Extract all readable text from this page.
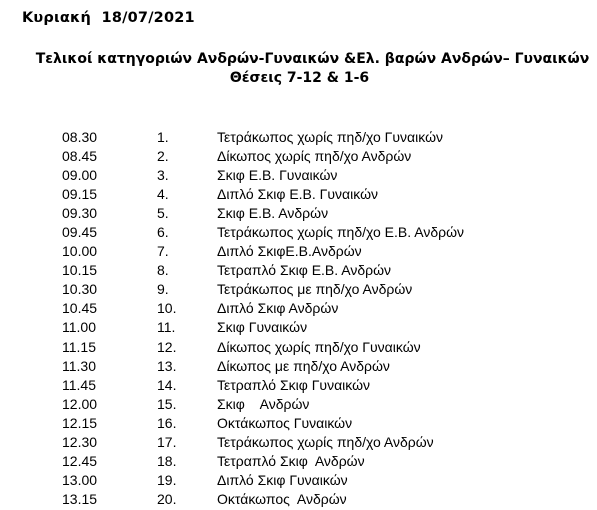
Κυριακή  18/07/2021
Τελικοί κατηγοριών Ανδρών-Γυναικών &Ελ. βαρών Ανδρών– Γυναικών
Θέσεις 7-12 & 1-6
08.30	1.	Τετράκωπος χωρίς πηδ/χο Γυναικών
08.45	2.	Δίκωπος χωρίς πηδ/χο Ανδρών
09.00	3.	Σκιφ Ε.Β. Γυναικών
09.15	4.	Διπλό Σκιφ Ε.Β. Γυναικών
09.30	5.	Σκιφ Ε.Β. Ανδρών
09.45	6.	Τετράκωπος χωρίς πηδ/χο Ε.Β. Ανδρών
10.00	7.	Διπλό ΣκιφΕ.Β.Ανδρών
10.15	8.	Τετραπλό Σκιφ Ε.Β. Ανδρών
10.30	9.	Τετράκωπος με πηδ/χο Ανδρών
10.45	10.	Διπλό Σκιφ Ανδρών
11.00	11.	Σκιφ Γυναικών
11.15	12.	Δίκωπος χωρίς πηδ/χο Γυναικών
11.30	13.	Δίκωπος με πηδ/χο Ανδρών
11.45	14.	Τετραπλό Σκιφ Γυναικών
12.00	15.	Σκιφ    Ανδρών
12.15	16.	Οκτάκωπος Γυναικών
12.30	17.	Τετράκωπος χωρίς πηδ/χο Ανδρών
12.45	18.	Τετραπλό Σκιφ  Ανδρών
13.00	19.	Διπλό Σκιφ Γυναικών
13.15	20.	Οκτάκωπος  Ανδρών
